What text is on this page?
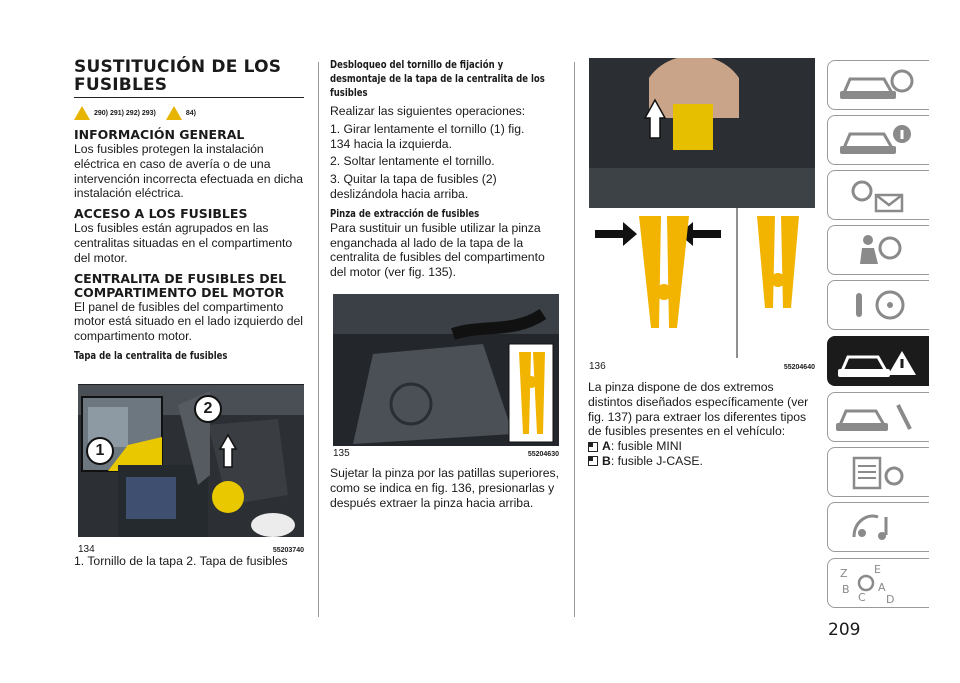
SUSTITUCIÓN DE LOS FUSIBLES
290) 291) 292) 293)	84)
INFORMACIÓN GENERAL

Los fusibles protegen la instalación eléctrica en caso de avería o de una intervención incorrecta efectuada en dicha instalación eléctrica.

ACCESO A LOS FUSIBLES

Los fusibles están agrupados en las centralitas situadas en el compartimento del motor.

CENTRALITA DE FUSIBLES DEL COMPARTIMENTO DEL MOTOR

El panel de fusibles del compartimento motor está situado en el lado izquierdo del compartimento motor.

Tapa de la centralita de fusibles
1
2
134	55203740

1. Tornillo de la tapa 2. Tapa de fusibles

Desbloqueo del tornillo de fijación y desmontaje de la tapa de la centralita de los fusibles

Realizar las siguientes operaciones:

1. Girar lentamente el tornillo (1) fig. 134 hacia la izquierda.

2. Soltar lentamente el tornillo.

3. Quitar la tapa de fusibles (2) deslizándola hacia arriba.

Pinza de extracción de fusibles

Para sustituir un fusible utilizar la pinza enganchada al lado de la tapa de la centralita de fusibles del compartimento del motor (ver fig. 135).

135	55204630

Sujetar la pinza por las patillas superiores, como se indica en fig. 136, presionarlas y después extraer la pinza hacia arriba.

136	55204640

La pinza dispone de dos extremos distintos diseñados específicamente (ver fig. 137) para extraer los diferentes tipos de fusibles presentes en el vehículo:

A: fusible MINI
B: fusible J-CASE.
Z E
B	A
C D
209
